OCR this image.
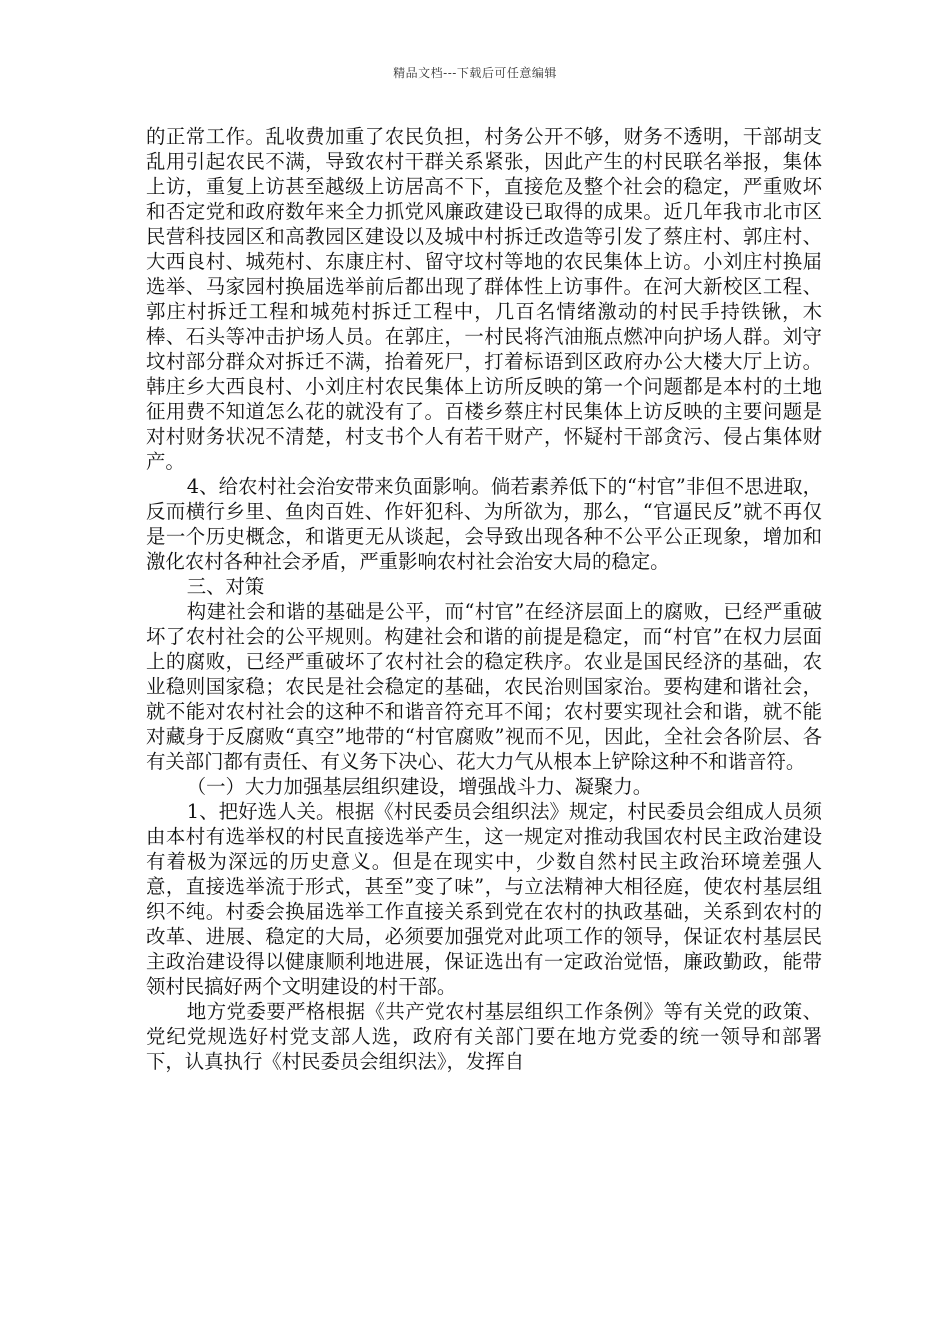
精品文档---下载后可任意编辑

的正常工作。乱收费加重了农民负担，村务公开不够，财务不透明，干部胡支乱用引起农民不满，导致农村干群关系紧张，因此产生的村民联名举报，集体上访，重复上访甚至越级上访居高不下，直接危及整个社会的稳定，严重败坏和否定党和政府数年来全力抓党风廉政建设已取得的成果。近几年我市北市区民营科技园区和高教园区建设以及城中村拆迁改造等引发了蔡庄村、郭庄村、大西良村、城苑村、东康庄村、留守坟村等地的农民集体上访。小刘庄村换届选举、马家园村换届选举前后都出现了群体性上访事件。在河大新校区工程、郭庄村拆迁工程和城苑村拆迁工程中，几百名情绪激动的村民手持铁锹，木棒、石头等冲击护场人员。在郭庄，一村民将汽油瓶点燃冲向护场人群。刘守坟村部分群众对拆迁不满，抬着死尸，打着标语到区政府办公大楼大厅上访。韩庄乡大西良村、小刘庄村农民集体上访所反映的第一个问题都是本村的土地征用费不知道怎么花的就没有了。百楼乡蔡庄村民集体上访反映的主要问题是对村财务状况不清楚，村支书个人有若干财产，怀疑村干部贪污、侵占集体财产。

4、给农村社会治安带来负面影响。倘若素养低下的“村官”非但不思进取，反而横行乡里、鱼肉百姓、作奸犯科、为所欲为，那么，“官逼民反”就不再仅是一个历史概念，和谐更无从谈起，会导致出现各种不公平公正现象，增加和激化农村各种社会矛盾，严重影响农村社会治安大局的稳定。

三、对策

构建社会和谐的基础是公平，而“村官”在经济层面上的腐败，已经严重破坏了农村社会的公平规则。构建社会和谐的前提是稳定，而“村官”在权力层面上的腐败，已经严重破坏了农村社会的稳定秩序。农业是国民经济的基础，农业稳则国家稳；农民是社会稳定的基础，农民治则国家治。要构建和谐社会，就不能对农村社会的这种不和谐音符充耳不闻；农村要实现社会和谐，就不能对藏身于反腐败“真空”地带的“村官腐败”视而不见，因此，全社会各阶层、各有关部门都有责任、有义务下决心、花大力气从根本上铲除这种不和谐音符。

（一）大力加强基层组织建设，增强战斗力、凝聚力。

1、把好选人关。根据《村民委员会组织法》规定，村民委员会组成人员须由本村有选举权的村民直接选举产生，这一规定对推动我国农村民主政治建设有着极为深远的历史意义。但是在现实中，少数自然村民主政治环境差强人意，直接选举流于形式，甚至”变了味”，与立法精神大相径庭，使农村基层组织不纯。村委会换届选举工作直接关系到党在农村的执政基础，关系到农村的改革、进展、稳定的大局，必须要加强党对此项工作的领导，保证农村基层民主政治建设得以健康顺利地进展，保证选出有一定政治觉悟，廉政勤政，能带领村民搞好两个文明建设的村干部。

地方党委要严格根据《共产党农村基层组织工作条例》等有关党的政策、党纪党规选好村党支部人选，政府有关部门要在地方党委的统一领导和部署下，认真执行《村民委员会组织法》，发挥自
